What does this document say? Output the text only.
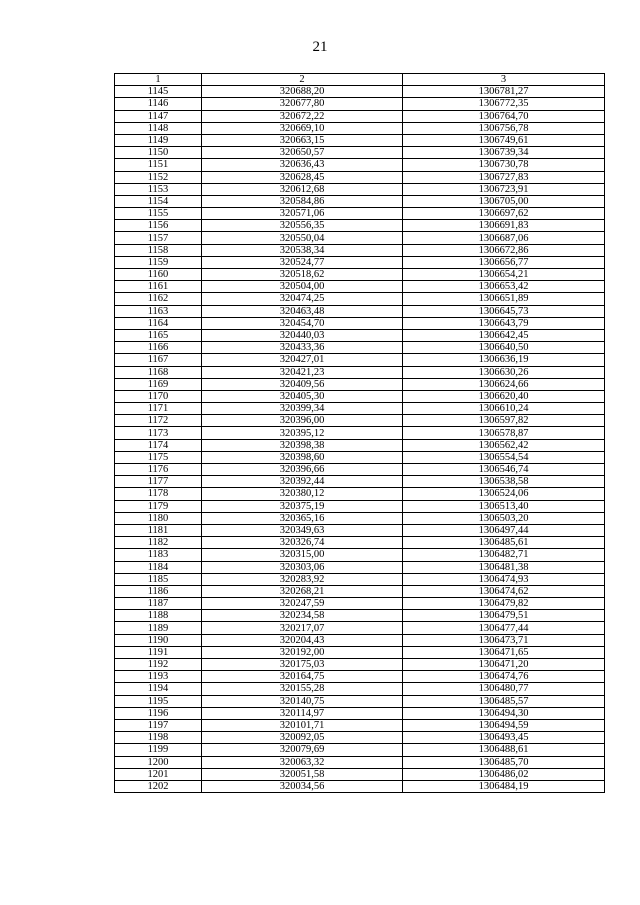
21
1	2	3
1145	320688,20	1306781,27
1146	320677,80	1306772,35
1147	320672,22	1306764,70
1148	320669,10	1306756,78
1149	320663,15	1306749,61
1150	320650,57	1306739,34
1151	320636,43	1306730,78
1152	320628,45	1306727,83
1153	320612,68	1306723,91
1154	320584,86	1306705,00
1155	320571,06	1306697,62
1156	320556,35	1306691,83
1157	320550,04	1306687,06
1158	320538,34	1306672,86
1159	320524,77	1306656,77
1160	320518,62	1306654,21
1161	320504,00	1306653,42
1162	320474,25	1306651,89
1163	320463,48	1306645,73
1164	320454,70	1306643,79
1165	320440,03	1306642,45
1166	320433,36	1306640,50
1167	320427,01	1306636,19
1168	320421,23	1306630,26
1169	320409,56	1306624,66
1170	320405,30	1306620,40
1171	320399,34	1306610,24
1172	320396,00	1306597,82
1173	320395,12	1306578,87
1174	320398,38	1306562,42
1175	320398,60	1306554,54
1176	320396,66	1306546,74
1177	320392,44	1306538,58
1178	320380,12	1306524,06
1179	320375,19	1306513,40
1180	320365,16	1306503,20
1181	320349,63	1306497,44
1182	320326,74	1306485,61
1183	320315,00	1306482,71
1184	320303,06	1306481,38
1185	320283,92	1306474,93
1186	320268,21	1306474,62
1187	320247,59	1306479,82
1188	320234,58	1306479,51
1189	320217,07	1306477,44
1190	320204,43	1306473,71
1191	320192,00	1306471,65
1192	320175,03	1306471,20
1193	320164,75	1306474,76
1194	320155,28	1306480,77
1195	320140,75	1306485,57
1196	320114,97	1306494,30
1197	320101,71	1306494,59
1198	320092,05	1306493,45
1199	320079,69	1306488,61
1200	320063,32	1306485,70
1201	320051,58	1306486,02
1202	320034,56	1306484,19
